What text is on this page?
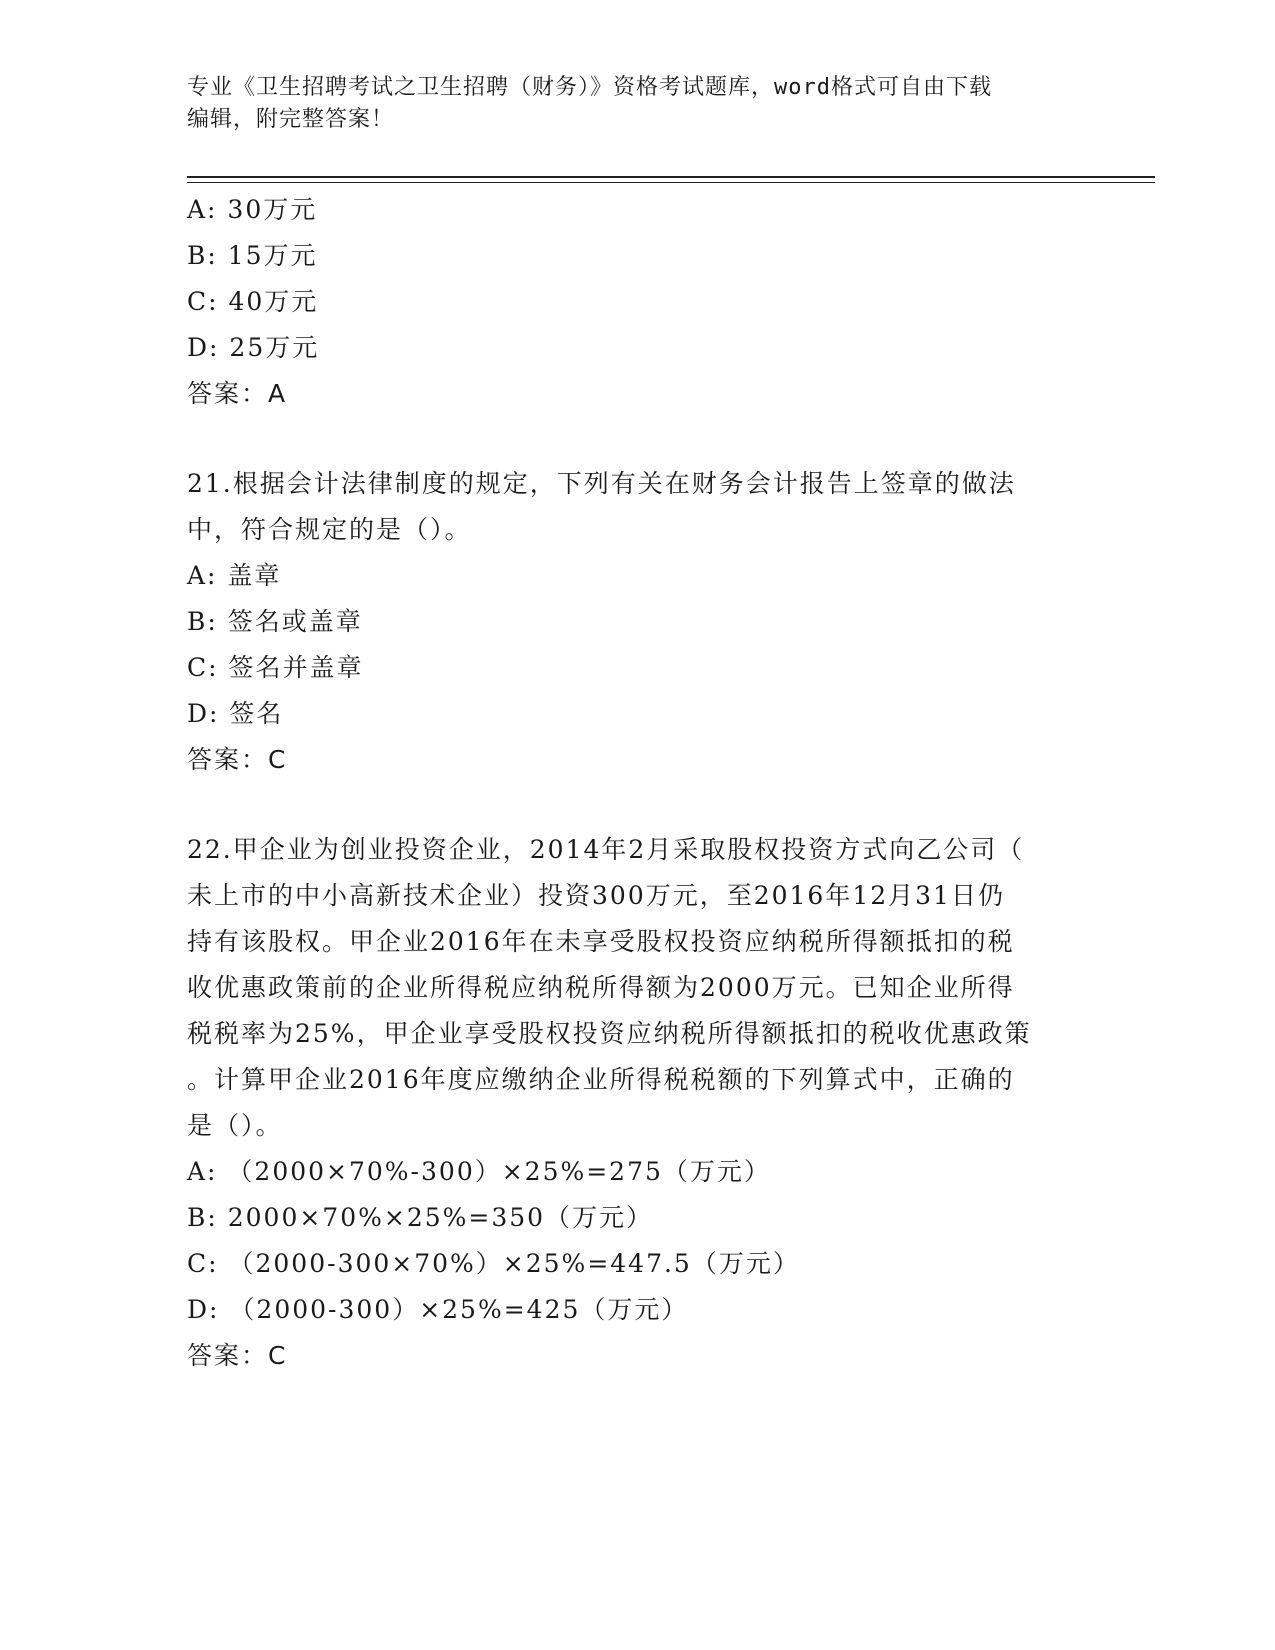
专业《卫生招聘考试之卫生招聘（财务）》资格考试题库，word格式可自由下载
编辑，附完整答案！
A: 30万元
B: 15万元
C: 40万元
D: 25万元
答案：A
21.根据会计法律制度的规定，下列有关在财务会计报告上签章的做法
中，符合规定的是（）。
A: 盖章
B: 签名或盖章
C: 签名并盖章
D: 签名
答案：C
22.甲企业为创业投资企业，2014年2月采取股权投资方式向乙公司（
未上市的中小高新技术企业）投资300万元，至2016年12月31日仍
持有该股权。甲企业2016年在未享受股权投资应纳税所得额抵扣的税
收优惠政策前的企业所得税应纳税所得额为2000万元。已知企业所得
税税率为25%，甲企业享受股权投资应纳税所得额抵扣的税收优惠政策
。计算甲企业2016年度应缴纳企业所得税税额的下列算式中，正确的
是（）。
A: （2000×70%-300）×25%=275（万元）
B: 2000×70%×25%=350（万元）
C: （2000-300×70%）×25%=447.5（万元）
D: （2000-300）×25%=425（万元）
答案：C
